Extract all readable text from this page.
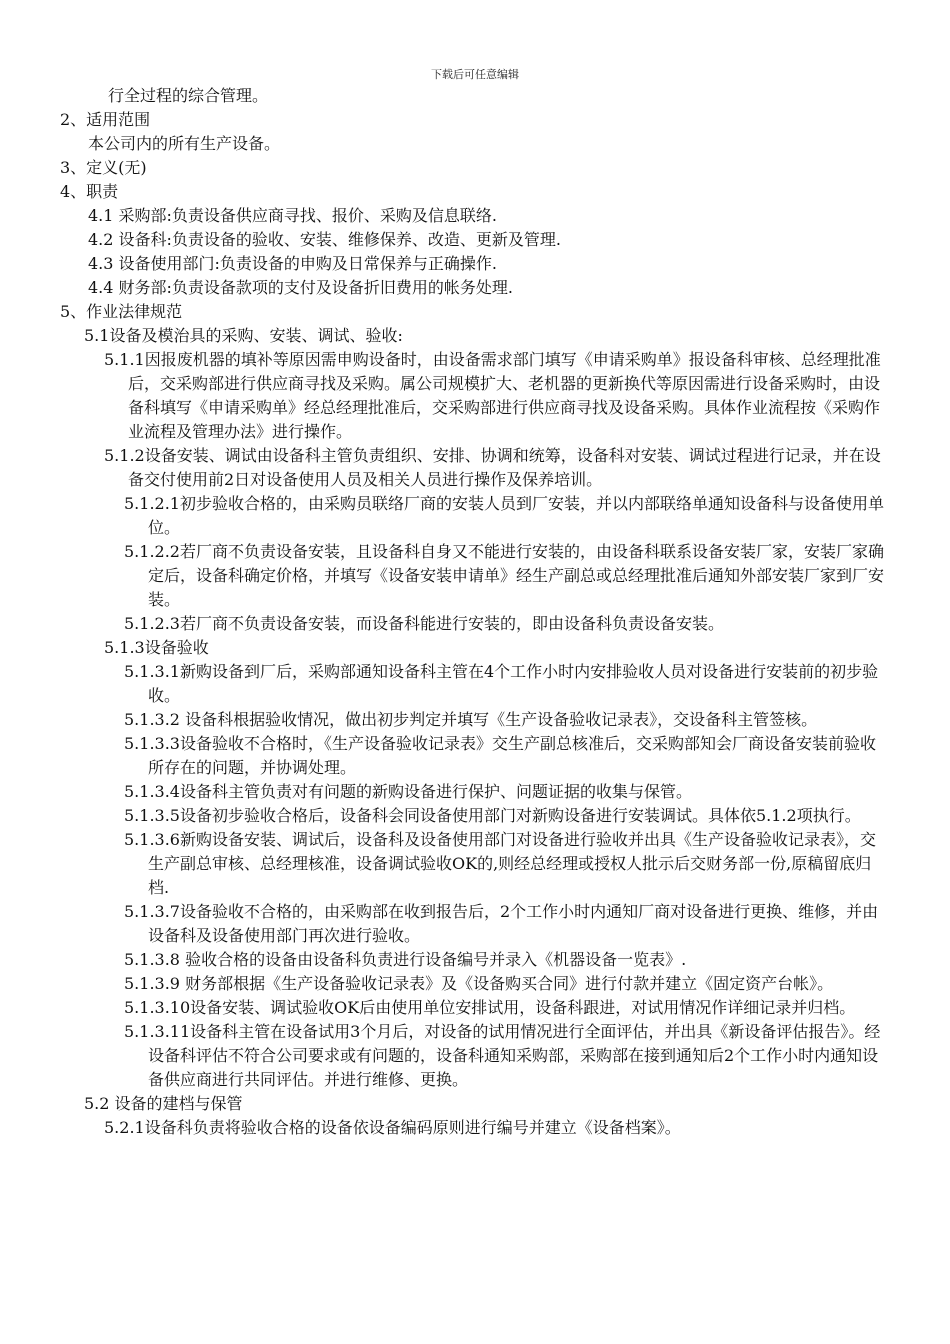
下载后可任意编辑
行全过程的综合管理。
2、适用范围
本公司内的所有生产设备。
3、定义(无)
4、职责
4.1 采购部:负责设备供应商寻找、报价、采购及信息联络.
4.2 设备科:负责设备的验收、安装、维修保养、改造、更新及管理.
4.3 设备使用部门:负责设备的申购及日常保养与正确操作.
4.4 财务部:负责设备款项的支付及设备折旧费用的帐务处理.
5、作业法律规范
5.1设备及模治具的采购、安装、调试、验收:
5.1.1因报废机器的填补等原因需申购设备时，由设备需求部门填写《申请采购单》报设备科审核、总经理批准后，交采购部进行供应商寻找及采购。属公司规模扩大、老机器的更新换代等原因需进行设备采购时，由设备科填写《申请采购单》经总经理批准后，交采购部进行供应商寻找及设备采购。具体作业流程按《采购作业流程及管理办法》进行操作。
5.1.2设备安装、调试由设备科主管负责组织、安排、协调和统筹，设备科对安装、调试过程进行记录，并在设备交付使用前2日对设备使用人员及相关人员进行操作及保养培训。
5.1.2.1初步验收合格的，由采购员联络厂商的安装人员到厂安装，并以内部联络单通知设备科与设备使用单位。
5.1.2.2若厂商不负责设备安装，且设备科自身又不能进行安装的，由设备科联系设备安装厂家，安装厂家确定后，设备科确定价格，并填写《设备安装申请单》经生产副总或总经理批准后通知外部安装厂家到厂安装。
5.1.2.3若厂商不负责设备安装，而设备科能进行安装的，即由设备科负责设备安装。
5.1.3设备验收
5.1.3.1新购设备到厂后，采购部通知设备科主管在4个工作小时内安排验收人员对设备进行安装前的初步验收。
5.1.3.2 设备科根据验收情况，做出初步判定并填写《生产设备验收记录表》，交设备科主管签核。
5.1.3.3设备验收不合格时，《生产设备验收记录表》交生产副总核准后，交采购部知会厂商设备安装前验收所存在的问题，并协调处理。
5.1.3.4设备科主管负责对有问题的新购设备进行保护、问题证据的收集与保管。
5.1.3.5设备初步验收合格后，设备科会同设备使用部门对新购设备进行安装调试。具体依5.1.2项执行。
5.1.3.6新购设备安装、调试后，设备科及设备使用部门对设备进行验收并出具《生产设备验收记录表》，交生产副总审核、总经理核准，设备调试验收OK的,则经总经理或授权人批示后交财务部一份,原稿留底归档.
5.1.3.7设备验收不合格的，由采购部在收到报告后，2个工作小时内通知厂商对设备进行更换、维修，并由设备科及设备使用部门再次进行验收。
5.1.3.8 验收合格的设备由设备科负责进行设备编号并录入《机器设备一览表》.
5.1.3.9 财务部根据《生产设备验收记录表》及《设备购买合同》进行付款并建立《固定资产台帐》。
5.1.3.10设备安装、调试验收OK后由使用单位安排试用，设备科跟进，对试用情况作详细记录并归档。
5.1.3.11设备科主管在设备试用3个月后，对设备的试用情况进行全面评估，并出具《新设备评估报告》。经设备科评估不符合公司要求或有问题的，设备科通知采购部，采购部在接到通知后2个工作小时内通知设备供应商进行共同评估。并进行维修、更换。
5.2 设备的建档与保管
5.2.1设备科负责将验收合格的设备依设备编码原则进行编号并建立《设备档案》。
